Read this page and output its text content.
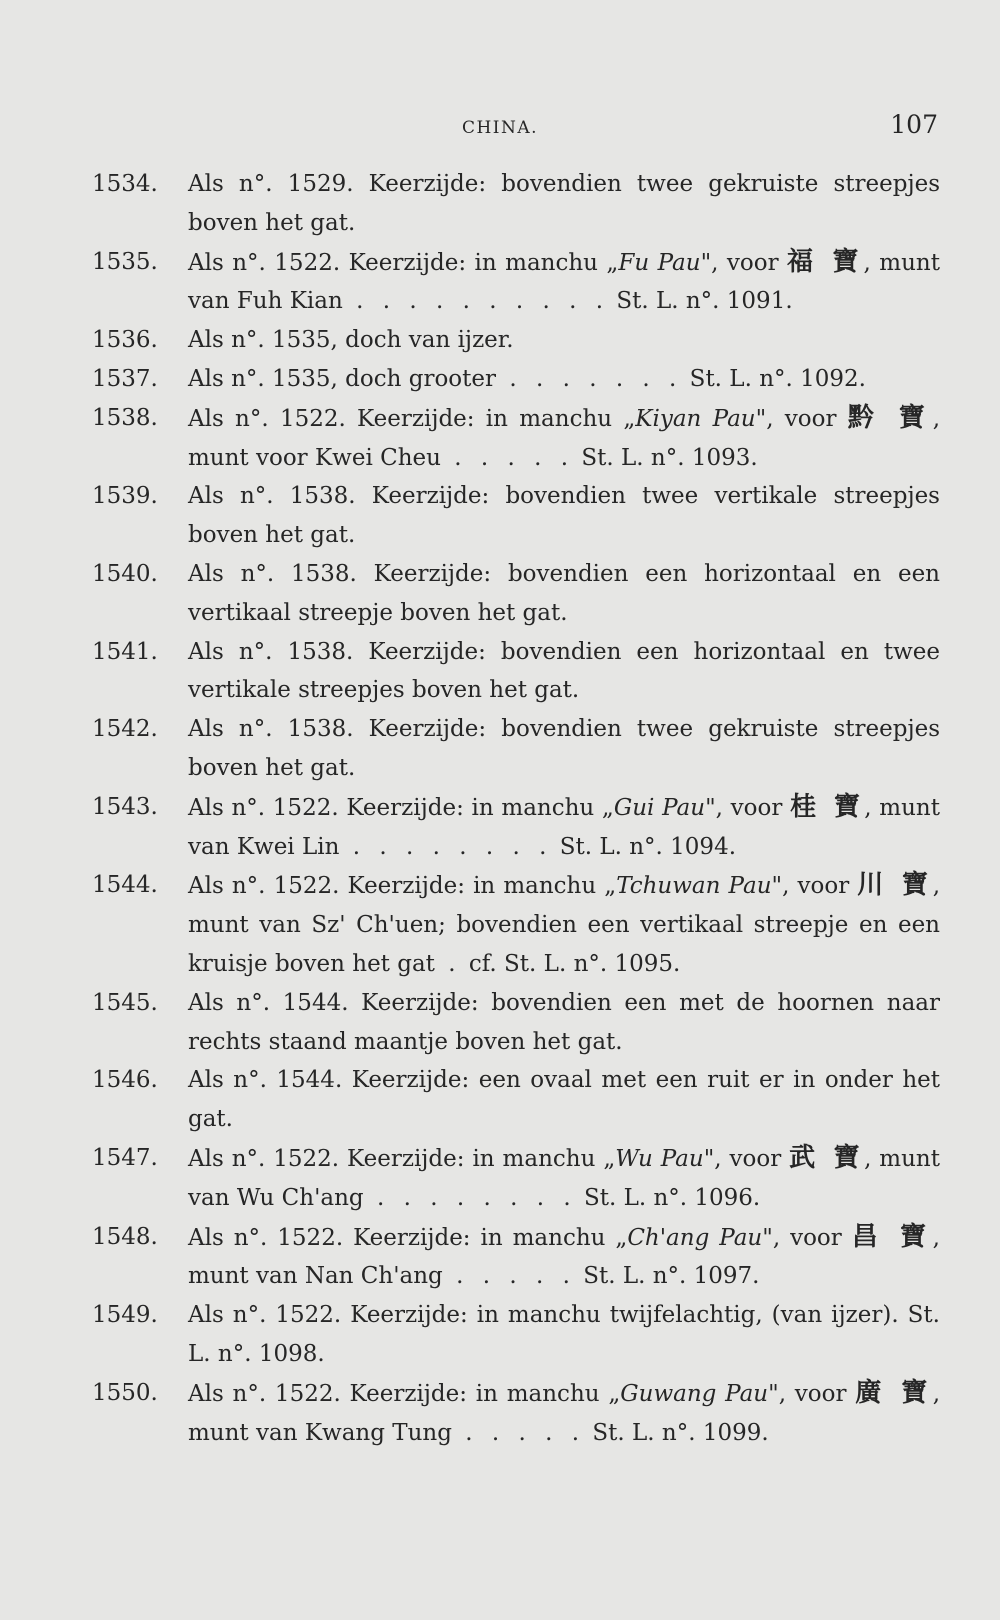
CHINA.	107
1534.	Als n°. 1529. Keerzijde: bovendien twee gekruiste streepjes boven het gat.
1535.	Als n°. 1522. Keerzijde: in manchu „Fu Pau", voor 福 寶, munt van Fuh Kian . . . . . . . . . . St. L. n°. 1091.
1536.	Als n°. 1535, doch van ijzer.
1537.	Als n°. 1535, doch grooter . . . . . . . St. L. n°. 1092.
1538.	Als n°. 1522. Keerzijde: in manchu „Kiyan Pau", voor 黔 寶, munt voor Kwei Cheu . . . . . St. L. n°. 1093.
1539.	Als n°. 1538. Keerzijde: bovendien twee vertikale streepjes boven het gat.
1540.	Als n°. 1538. Keerzijde: bovendien een horizontaal en een vertikaal streepje boven het gat.
1541.	Als n°. 1538. Keerzijde: bovendien een horizontaal en twee vertikale streepjes boven het gat.
1542.	Als n°. 1538. Keerzijde: bovendien twee gekruiste streepjes boven het gat.
1543.	Als n°. 1522. Keerzijde: in manchu „Gui Pau", voor 桂 寶, munt van Kwei Lin . . . . . . . . St. L. n°. 1094.
1544.	Als n°. 1522. Keerzijde: in manchu „Tchuwan Pau", voor 川 寶, munt van Sz' Ch'uen; bovendien een vertikaal streepje en een kruisje boven het gat . cf. St. L. n°. 1095.
1545.	Als n°. 1544. Keerzijde: bovendien een met de hoornen naar rechts staand maantje boven het gat.
1546.	Als n°. 1544. Keerzijde: een ovaal met een ruit er in onder het gat.
1547.	Als n°. 1522. Keerzijde: in manchu „Wu Pau", voor 武 寶, munt van Wu Ch'ang . . . . . . . . St. L. n°. 1096.
1548.	Als n°. 1522. Keerzijde: in manchu „Ch'ang Pau", voor 昌 寶, munt van Nan Ch'ang . . . . . St. L. n°. 1097.
1549.	Als n°. 1522. Keerzijde: in manchu twijfelachtig, (van ijzer). St. L. n°. 1098.
1550.	Als n°. 1522. Keerzijde: in manchu „Guwang Pau", voor 廣 寶, munt van Kwang Tung . . . . . St. L. n°. 1099.
